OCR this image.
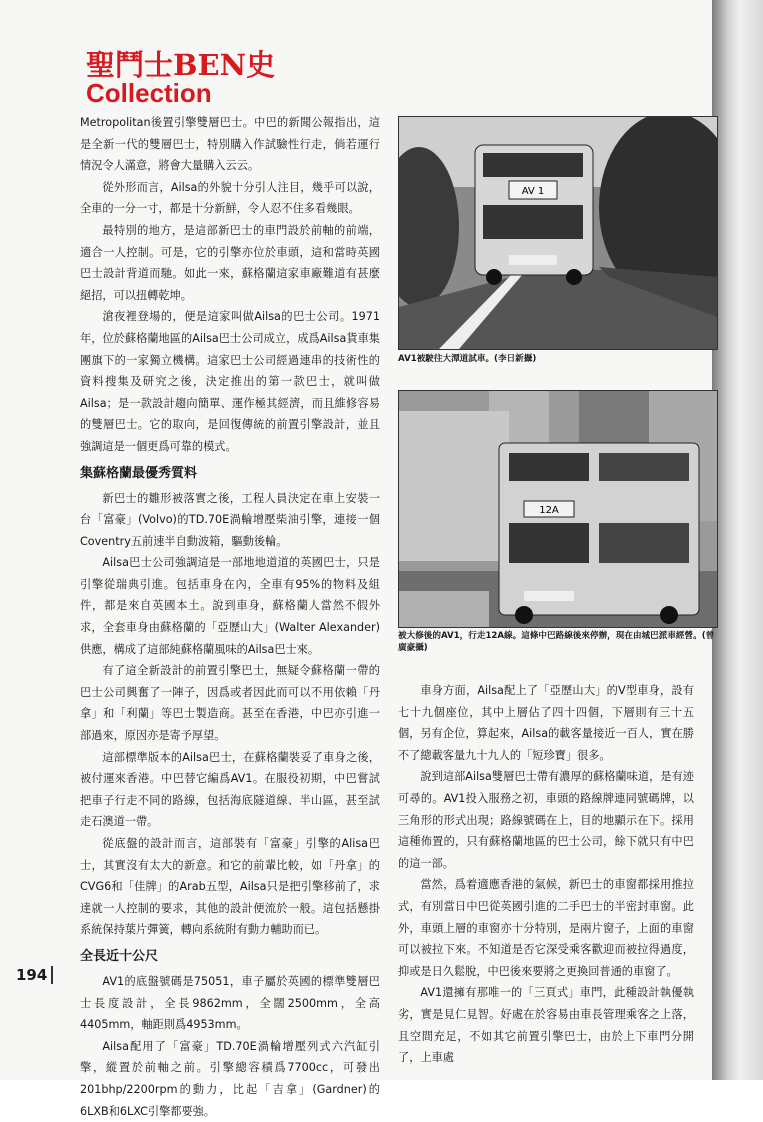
聖鬥士BEN史
Collection

Metropolitan後置引擎雙層巴士。中巴的新聞公報指出，這是全新一代的雙層巴士，特別購入作試驗性行走，倘若運行情況令人滿意，將會大量購入云云。

從外形而言，Ailsa的外貌十分引人注目，幾乎可以說，全車的一分一寸，都是十分新鮮，令人忍不住多看幾眼。

最特別的地方，是這部新巴士的車門設於前軸的前端，適合一人控制。可是，它的引擎亦位於車頭，這和當時英國巴士設計背道而馳。如此一來，蘇格蘭這家車廠難道有甚麼絕招，可以扭轉乾坤。

滄夜裡登場的，便是這家叫做Ailsa的巴士公司。1971年，位於蘇格蘭地區的Ailsa巴士公司成立，成爲Ailsa貨車集團旗下的一家獨立機構。這家巴士公司經過連串的技術性的資料搜集及研究之後，決定推出的第一款巴士，就叫做Ailsa；是一款設計趨向簡單、運作極其經濟，而且維修容易的雙層巴士。它的取向，是回復傳統的前置引擎設計，並且強調這是一個更爲可靠的模式。

集蘇格蘭最優秀質料

新巴士的雛形被落實之後，工程人員決定在車上安裝一台「富豪」(Volvo)的TD.70E渦輪增壓柴油引擎，連接一個Coventry五前速半自動波箱，驅動後輪。

Ailsa巴士公司強調這是一部地地道道的英國巴士，只是引擎從瑞典引進。包括車身在內，全車有95%的物料及組件，都是來自英國本土。說到車身，蘇格蘭人當然不假外求，全套車身由蘇格蘭的「亞歷山大」(Walter Alexander)供應，構成了這部純蘇格蘭風味的Ailsa巴士來。

有了這全新設計的前置引擎巴士，無疑令蘇格蘭一帶的巴士公司興奮了一陣子，因爲或者因此而可以不用依賴「丹拿」和「利蘭」等巴士製造商。甚至在香港，中巴亦引進一部過來，原因亦是寄予厚望。

這部標準版本的Ailsa巴士，在蘇格蘭裝妥了車身之後，被付運來香港。中巴替它編爲AV1。在服役初期，中巴嘗試把車子行走不同的路線，包括海底隧道線、半山區，甚至試走石澳道一帶。

從底盤的設計而言，這部裝有「富豪」引擎的Alisa巴士，其實沒有太大的新意。和它的前輩比較，如「丹拿」的CVG6和「佳牌」的Arab五型，Ailsa只是把引擎移前了，求達就一人控制的要求，其他的設計便流於一般。這包括懸掛系統保持葉片彈簧，轉向系統附有動力輔助而已。

全長近十公尺

AV1的底盤號碼是75051，車子屬於英國的標準雙層巴士長度設計，全長9862mm，全闊2500mm，全高4405mm，軸距則爲4953mm。

Ailsa配用了「富豪」TD.70E渦輪增壓列式六汽缸引擎，縱置於前軸之前。引擎總容積爲7700cc，可發出201bhp/2200rpm的動力，比起「吉拿」(Gardner)的6LXB和6LXC引擎都要強。

AV 1
AV1被駛往大潭道試車。(李日新攝)
12A
被大修後的AV1，行走12A線。這條中巴路線後來停辦，現在由城巴派車經營。(曾廣豪攝)

車身方面，Ailsa配上了「亞歷山大」的V型車身，設有七十九個座位，其中上層佔了四十四個，下層則有三十五個，另有企位，算起來，Ailsa的載客量接近一百人，實在勝不了總載客量九十九人的「短珍寶」很多。

說到這部Ailsa雙層巴士帶有濃厚的蘇格蘭味道，是有迹可尋的。AV1投入服務之初，車頭的路線牌連同號碼牌，以三角形的形式出現；路線號碼在上，目的地顯示在下。採用這種佈置的，只有蘇格蘭地區的巴士公司，餘下就只有中巴的這一部。

當然，爲着適應香港的氣候，新巴士的車窗都採用推拉式，有別當日中巴從英國引進的二手巴士的半密封車窗。此外，車頭上層的車窗亦十分特別，是兩片窗子，上面的車窗可以被拉下來。不知道是否它深受乘客歡迎而被拉得過度，抑或是日久鬆脫，中巴後來要將之更換回普通的車窗了。

AV1還擁有那唯一的「三頁式」車門，此種設計執優執劣，實是見仁見智。好處在於容易由車長管理乘客之上落，且空間充足，不如其它前置引擎巴士，由於上下車門分開了，上車處

194
